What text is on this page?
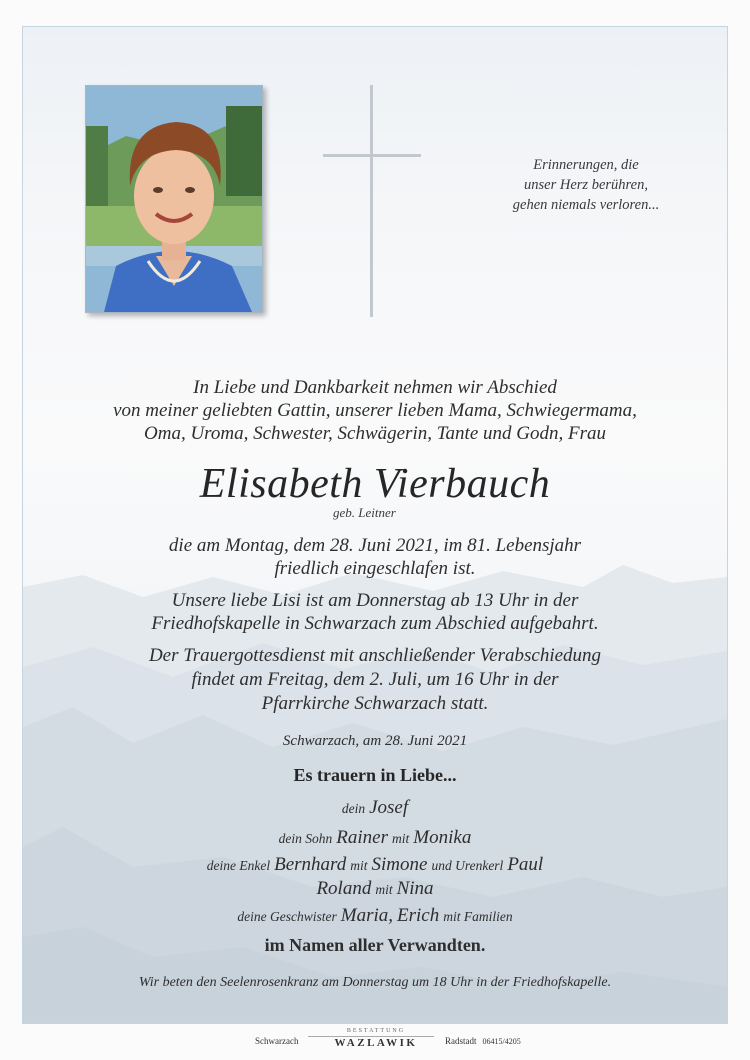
Erinnerungen, die
unser Herz berühren,
gehen niemals verloren...
In Liebe und Dankbarkeit nehmen wir Abschied
von meiner geliebten Gattin, unserer lieben Mama, Schwiegermama,
Oma, Uroma, Schwester, Schwägerin, Tante und Godn, Frau
Elisabeth Vierbauch
geb. Leitner
die am Montag, dem 28. Juni 2021, im 81. Lebensjahr
friedlich eingeschlafen ist.
Unsere liebe Lisi ist am Donnerstag ab 13 Uhr in der
Friedhofskapelle in Schwarzach zum Abschied aufgebahrt.
Der Trauergottesdienst mit anschließender Verabschiedung
findet am Freitag, dem 2. Juli, um 16 Uhr in der
Pfarrkirche Schwarzach statt.
Schwarzach, am 28. Juni 2021
Es trauern in Liebe...
dein Josef
dein Sohn Rainer mit Monika
deine Enkel Bernhard mit Simone und Urenkerl Paul
Roland mit Nina
deine Geschwister Maria, Erich mit Familien
im Namen aller Verwandten.
Wir beten den Seelenrosenkranz am Donnerstag um 18 Uhr in der Friedhofskapelle.
Schwarzach
BESTATTUNG
WAZLAWIK	Radstadt 06415/4205
